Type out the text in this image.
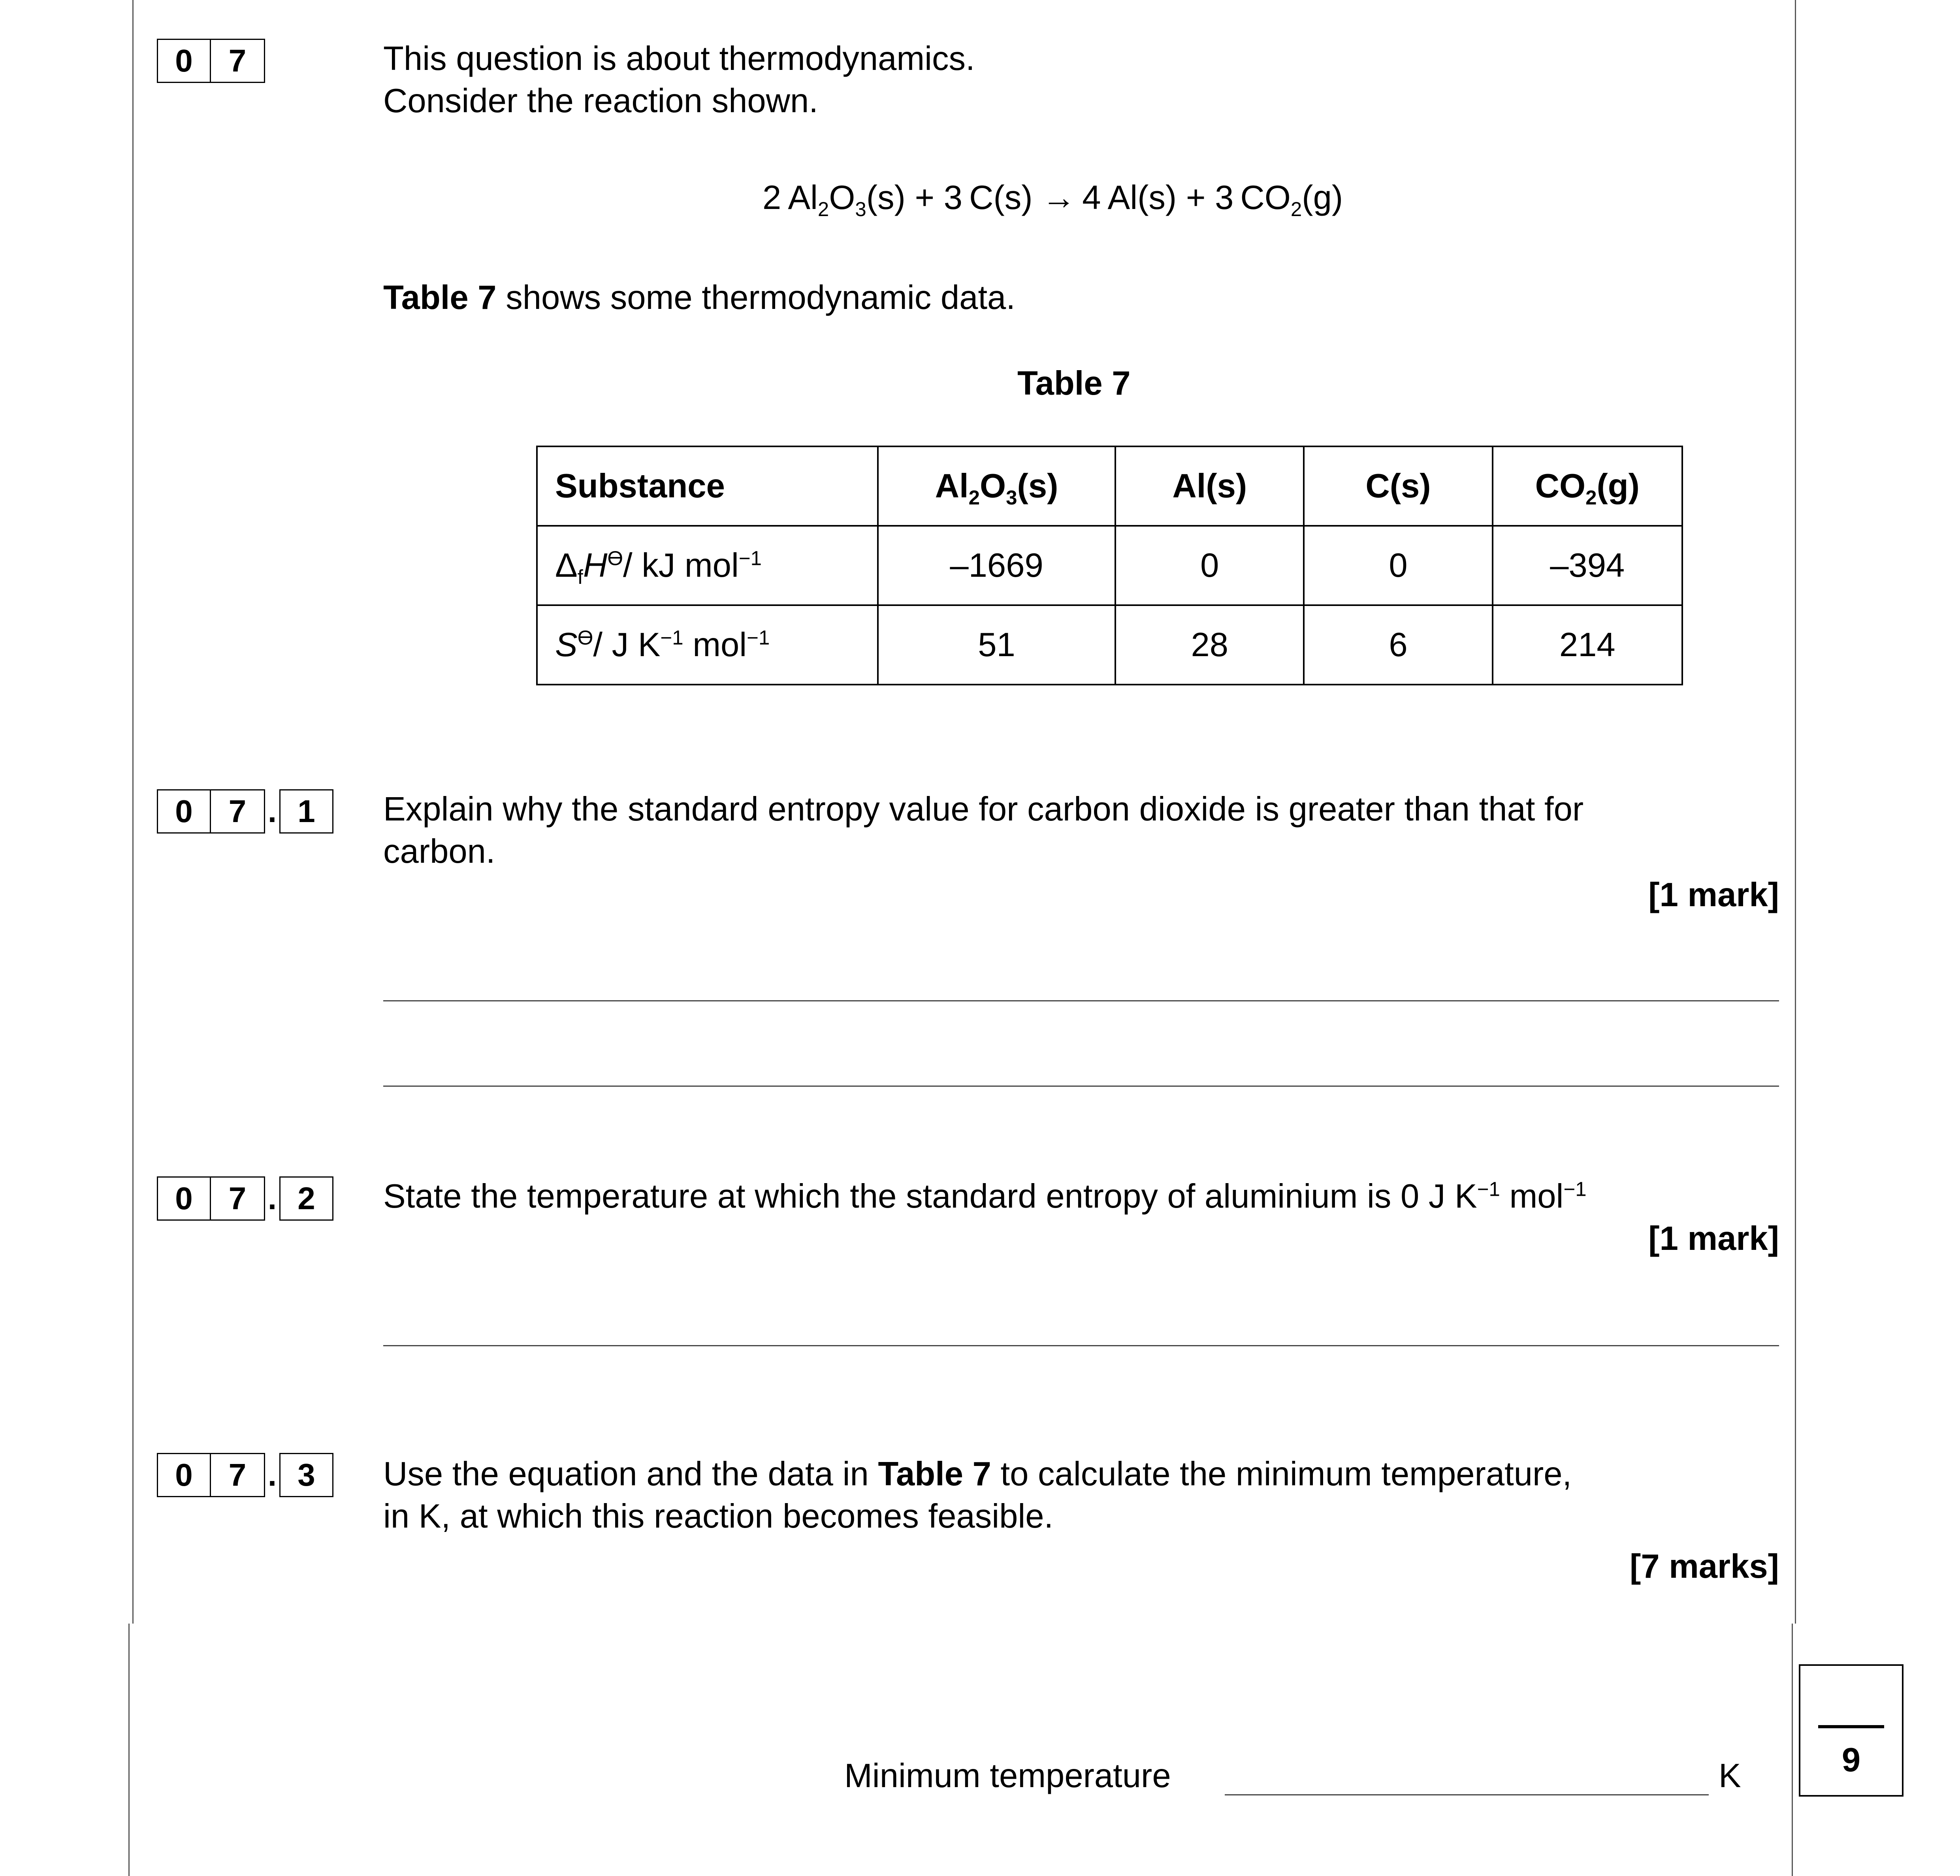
0	7	This question is about thermodynamics.
Consider the reaction shown.
2  $Al_2O_3(s) + 3$  C(s) →  4  Al(s) + 3  $CO_2(g)$
Table 7 shows some thermodynamic data.
Table 7
Substance	$Al_2O_3(s)$	Al(s)	C(s)	$CO_2(g)$
$\Delta_fH^ϴ/$ kJ mol$^{-1}$	–1669	0	0	–394
$S^ϴ/$ J $K^{-1}$ mol$^{-1}$	51	28	6	214
0	7 . 1	Explain why the standard entropy value for carbon dioxide is greater than that for
carbon.
[1 mark]
0	7 . 2	State the temperature at which the standard entropy of aluminium is 0 J $K^{-1}$ mol$^{-1}$
[1 mark]
0	7 . 3	Use the equation and the data in Table 7 to calculate the minimum temperature,
in K, at which this reaction becomes feasible.
[7 marks]
Minimum temperature	K	9
